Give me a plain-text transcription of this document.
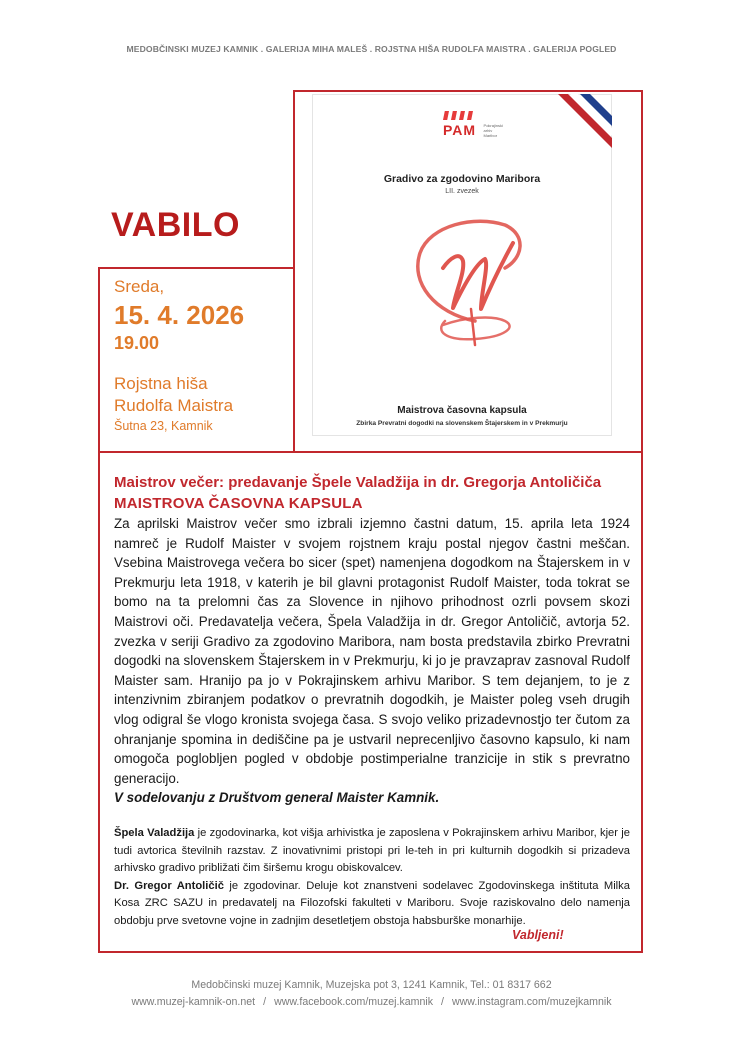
MEDOBČINSKI MUZEJ KAMNIK . GALERIJA MIHA MALEŠ . ROJSTNA HIŠA RUDOLFA MAISTRA . GALERIJA POGLED
VABILO
Sreda,
15. 4. 2026
19.00
Rojstna hiša
Rudolfa Maistra
Šutna 23, Kamnik
PAM Pokrajinski
arhiv
Maribor
Gradivo za zgodovino Maribora
LII. zvezek
Maistrova časovna kapsula
Zbirka Prevratni dogodki na slovenskem Štajerskem in v Prekmurju
Maistrov večer: predavanje Špele Valadžija in dr. Gregorja Antoličiča
MAISTROVA ČASOVNA KAPSULA
Za aprilski Maistrov večer smo izbrali izjemno častni datum, 15. aprila leta 1924 namreč je Rudolf Maister v svojem rojstnem kraju postal njegov častni meščan. Vsebina Maistrovega večera bo sicer (spet) namenjena dogodkom na Štajerskem in v Prekmurju leta 1918, v katerih je bil glavni protagonist Rudolf Maister, toda tokrat se bomo na ta prelomni čas za Slovence in njihovo prihodnost ozrli povsem skozi Maistrovi oči. Predavatelja večera, Špela Valadžija in dr. Gregor Antoličič, avtorja 52. zvezka v seriji Gradivo za zgodovino Maribora, nam bosta predstavila zbirko Prevratni dogodki na slovenskem Štajerskem in v Prekmurju, ki jo je pravzaprav zasnoval Rudolf Maister sam. Hranijo pa jo v Pokrajinskem arhivu Maribor. S tem dejanjem, to je z intenzivnim zbiranjem podatkov o prevratnih dogodkih, je Maister poleg vseh drugih vlog odigral še vlogo kronista svojega časa. S svojo veliko prizadevnostjo ter čutom za ohranjanje spomina in dediščine pa je ustvaril neprecenljivo časovno kapsulo, ki nam omogoča poglobljen pogled v obdobje postimperialne tranzicije in stik s prevratno generacijo.
V sodelovanju z Društvom general Maister Kamnik.
Špela Valadžija je zgodovinarka, kot višja arhivistka je zaposlena v Pokrajinskem arhivu Maribor, kjer je tudi avtorica številnih razstav. Z inovativnimi pristopi pri le-teh in pri kulturnih dogodkih si prizadeva arhivsko gradivo približati čim širšemu krogu obiskovalcev.
Dr. Gregor Antoličič je zgodovinar. Deluje kot znanstveni sodelavec Zgodovinskega inštituta Milka Kosa ZRC SAZU in predavatelj na Filozofski fakulteti v Mariboru. Svoje raziskovalno delo namenja obdobju prve svetovne vojne in zadnjim desetletjem obstoja habsburške monarhije.
Vabljeni!
Medobčinski muzej Kamnik, Muzejska pot 3, 1241 Kamnik, Tel.: 01 8317 662
www.muzej-kamnik-on.net / www.facebook.com/muzej.kamnik / www.instagram.com/muzejkamnik
